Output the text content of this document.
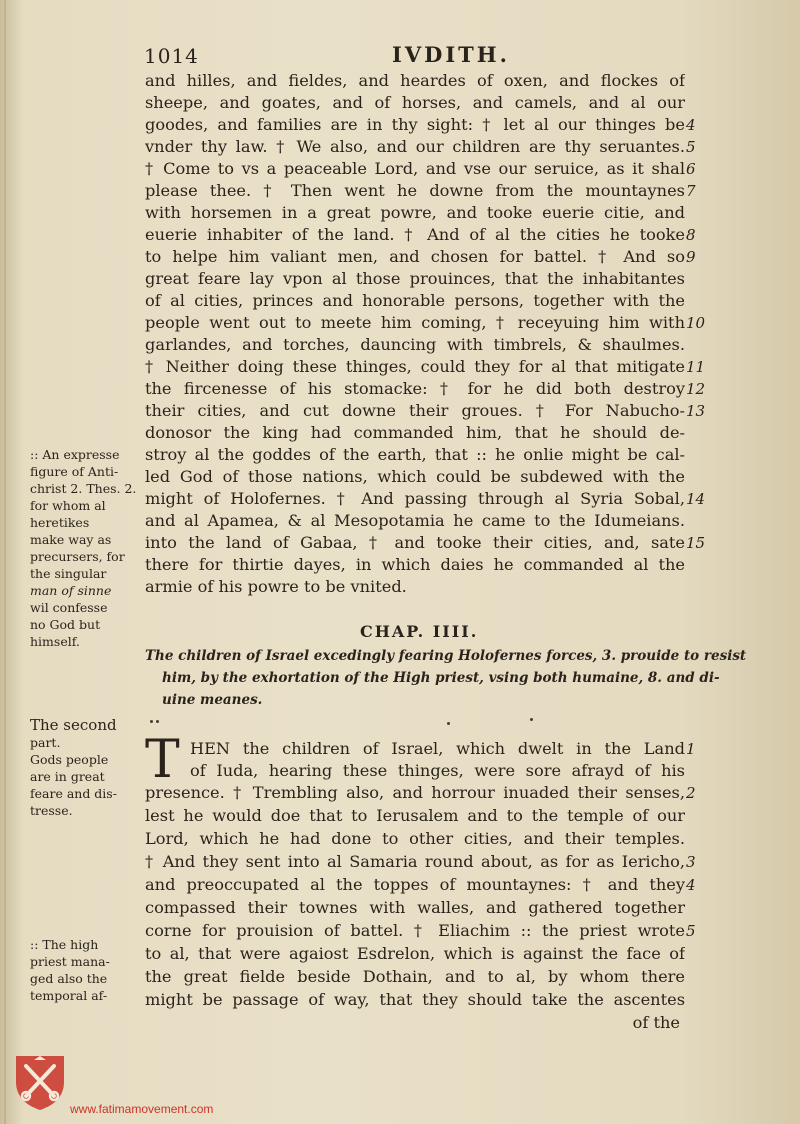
1014	IVDITH.
and hilles, and fieldes, and heardes of oxen, and flockes of
sheepe, and goates, and of horses, and camels, and al our
goodes, and families are in thy sight: † let al our thinges be 4
vnder thy law. † We also, and our children are thy seruantes. 5
† Come to vs a peaceable Lord, and vse our seruice, as it shal 6
please thee. † Then went he downe from the mountaynes 7
with horsemen in a great powre, and tooke euerie citie, and
euerie inhabiter of the land. † And of al the cities he tooke 8
to helpe him valiant men, and chosen for battel. † And so 9
great feare lay vpon al those prouinces, that the inhabitantes
of al cities, princes and honorable persons, together with the
people went out to meete him coming, † receyuing him with 10
garlandes, and torches, dauncing with timbrels, & shaulmes.
† Neither doing these thinges, could they for al that mitigate 11
the fircenesse of his stomacke: † for he did both destroy 12
their cities, and cut downe their groues. † For Nabucho- 13
donosor the king had commanded him, that he should de-
stroy al the goddes of the earth, that :: he onlie might be cal-
led God of those nations, which could be subdewed with the
might of Holofernes. † And passing through al Syria Sobal, 14
and al Apamea, & al Mesopotamia he came to the Idumeians.
into the land of Gabaa, † and tooke their cities, and, sate 15
there for thirtie dayes, in which daies he commanded al the
armie of his powre to be vnited.
CHAP. IIII.
The children of Israel excedingly fearing Holofernes forces, 3. prouide to resist
him, by the exhortation of the High priest, vsing both humaine, 8. and di-
uine meanes.
T HEN the children of Israel, which dwelt in the Land
of Iuda, hearing these thinges, were sore afrayd of his
presence. † Trembling also, and horrour inuaded their senses,
lest he would doe that to Ierusalem and to the temple of our
Lord, which he had done to other cities, and their temples.
† And they sent into al Samaria round about, as for as Iericho,
and preoccupated al the toppes of mountaynes: † and they
compassed their townes with walles, and gathered together
corne for prouision of battel. † Eliachim :: the priest wrote
to al, that were agaiost Esdrelon, which is against the face of
the great fielde beside Dothain, and to al, by whom there
might be passage of way, that they should take the ascentes
1
2
3
4
5
of the
:: An expresse
figure of Anti-
christ 2. Thes. 2.
for whom al
heretikes
make way as
precursers, for
the singular
man of sinne
wil confesse
no God but
himself.
The second
part.
Gods people
are in great
feare and dis-
tresse.
:: The high
priest mana-
ged also the
temporal af-
www.fatimamovement.com
